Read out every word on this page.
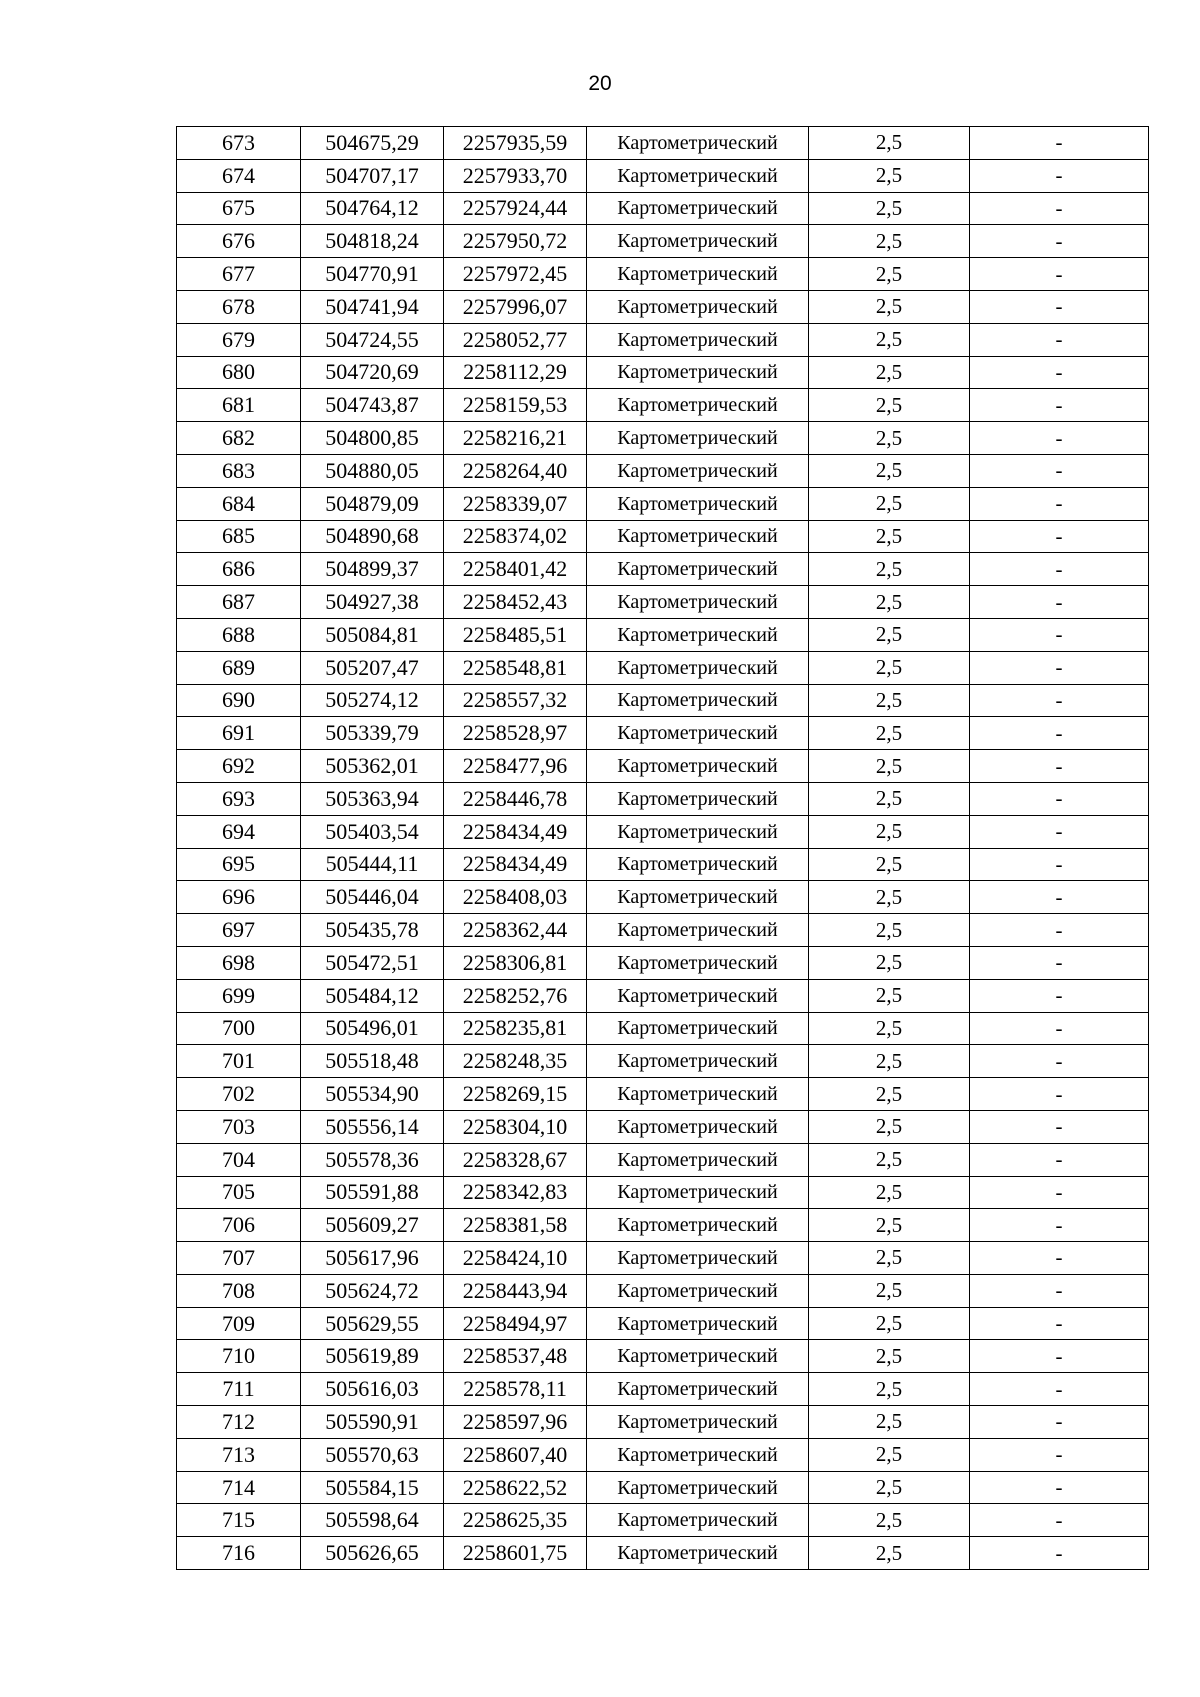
20
673	504675,29	2257935,59	Картометрический	2,5	-
674	504707,17	2257933,70	Картометрический	2,5	-
675	504764,12	2257924,44	Картометрический	2,5	-
676	504818,24	2257950,72	Картометрический	2,5	-
677	504770,91	2257972,45	Картометрический	2,5	-
678	504741,94	2257996,07	Картометрический	2,5	-
679	504724,55	2258052,77	Картометрический	2,5	-
680	504720,69	2258112,29	Картометрический	2,5	-
681	504743,87	2258159,53	Картометрический	2,5	-
682	504800,85	2258216,21	Картометрический	2,5	-
683	504880,05	2258264,40	Картометрический	2,5	-
684	504879,09	2258339,07	Картометрический	2,5	-
685	504890,68	2258374,02	Картометрический	2,5	-
686	504899,37	2258401,42	Картометрический	2,5	-
687	504927,38	2258452,43	Картометрический	2,5	-
688	505084,81	2258485,51	Картометрический	2,5	-
689	505207,47	2258548,81	Картометрический	2,5	-
690	505274,12	2258557,32	Картометрический	2,5	-
691	505339,79	2258528,97	Картометрический	2,5	-
692	505362,01	2258477,96	Картометрический	2,5	-
693	505363,94	2258446,78	Картометрический	2,5	-
694	505403,54	2258434,49	Картометрический	2,5	-
695	505444,11	2258434,49	Картометрический	2,5	-
696	505446,04	2258408,03	Картометрический	2,5	-
697	505435,78	2258362,44	Картометрический	2,5	-
698	505472,51	2258306,81	Картометрический	2,5	-
699	505484,12	2258252,76	Картометрический	2,5	-
700	505496,01	2258235,81	Картометрический	2,5	-
701	505518,48	2258248,35	Картометрический	2,5	-
702	505534,90	2258269,15	Картометрический	2,5	-
703	505556,14	2258304,10	Картометрический	2,5	-
704	505578,36	2258328,67	Картометрический	2,5	-
705	505591,88	2258342,83	Картометрический	2,5	-
706	505609,27	2258381,58	Картометрический	2,5	-
707	505617,96	2258424,10	Картометрический	2,5	-
708	505624,72	2258443,94	Картометрический	2,5	-
709	505629,55	2258494,97	Картометрический	2,5	-
710	505619,89	2258537,48	Картометрический	2,5	-
711	505616,03	2258578,11	Картометрический	2,5	-
712	505590,91	2258597,96	Картометрический	2,5	-
713	505570,63	2258607,40	Картометрический	2,5	-
714	505584,15	2258622,52	Картометрический	2,5	-
715	505598,64	2258625,35	Картометрический	2,5	-
716	505626,65	2258601,75	Картометрический	2,5	-
